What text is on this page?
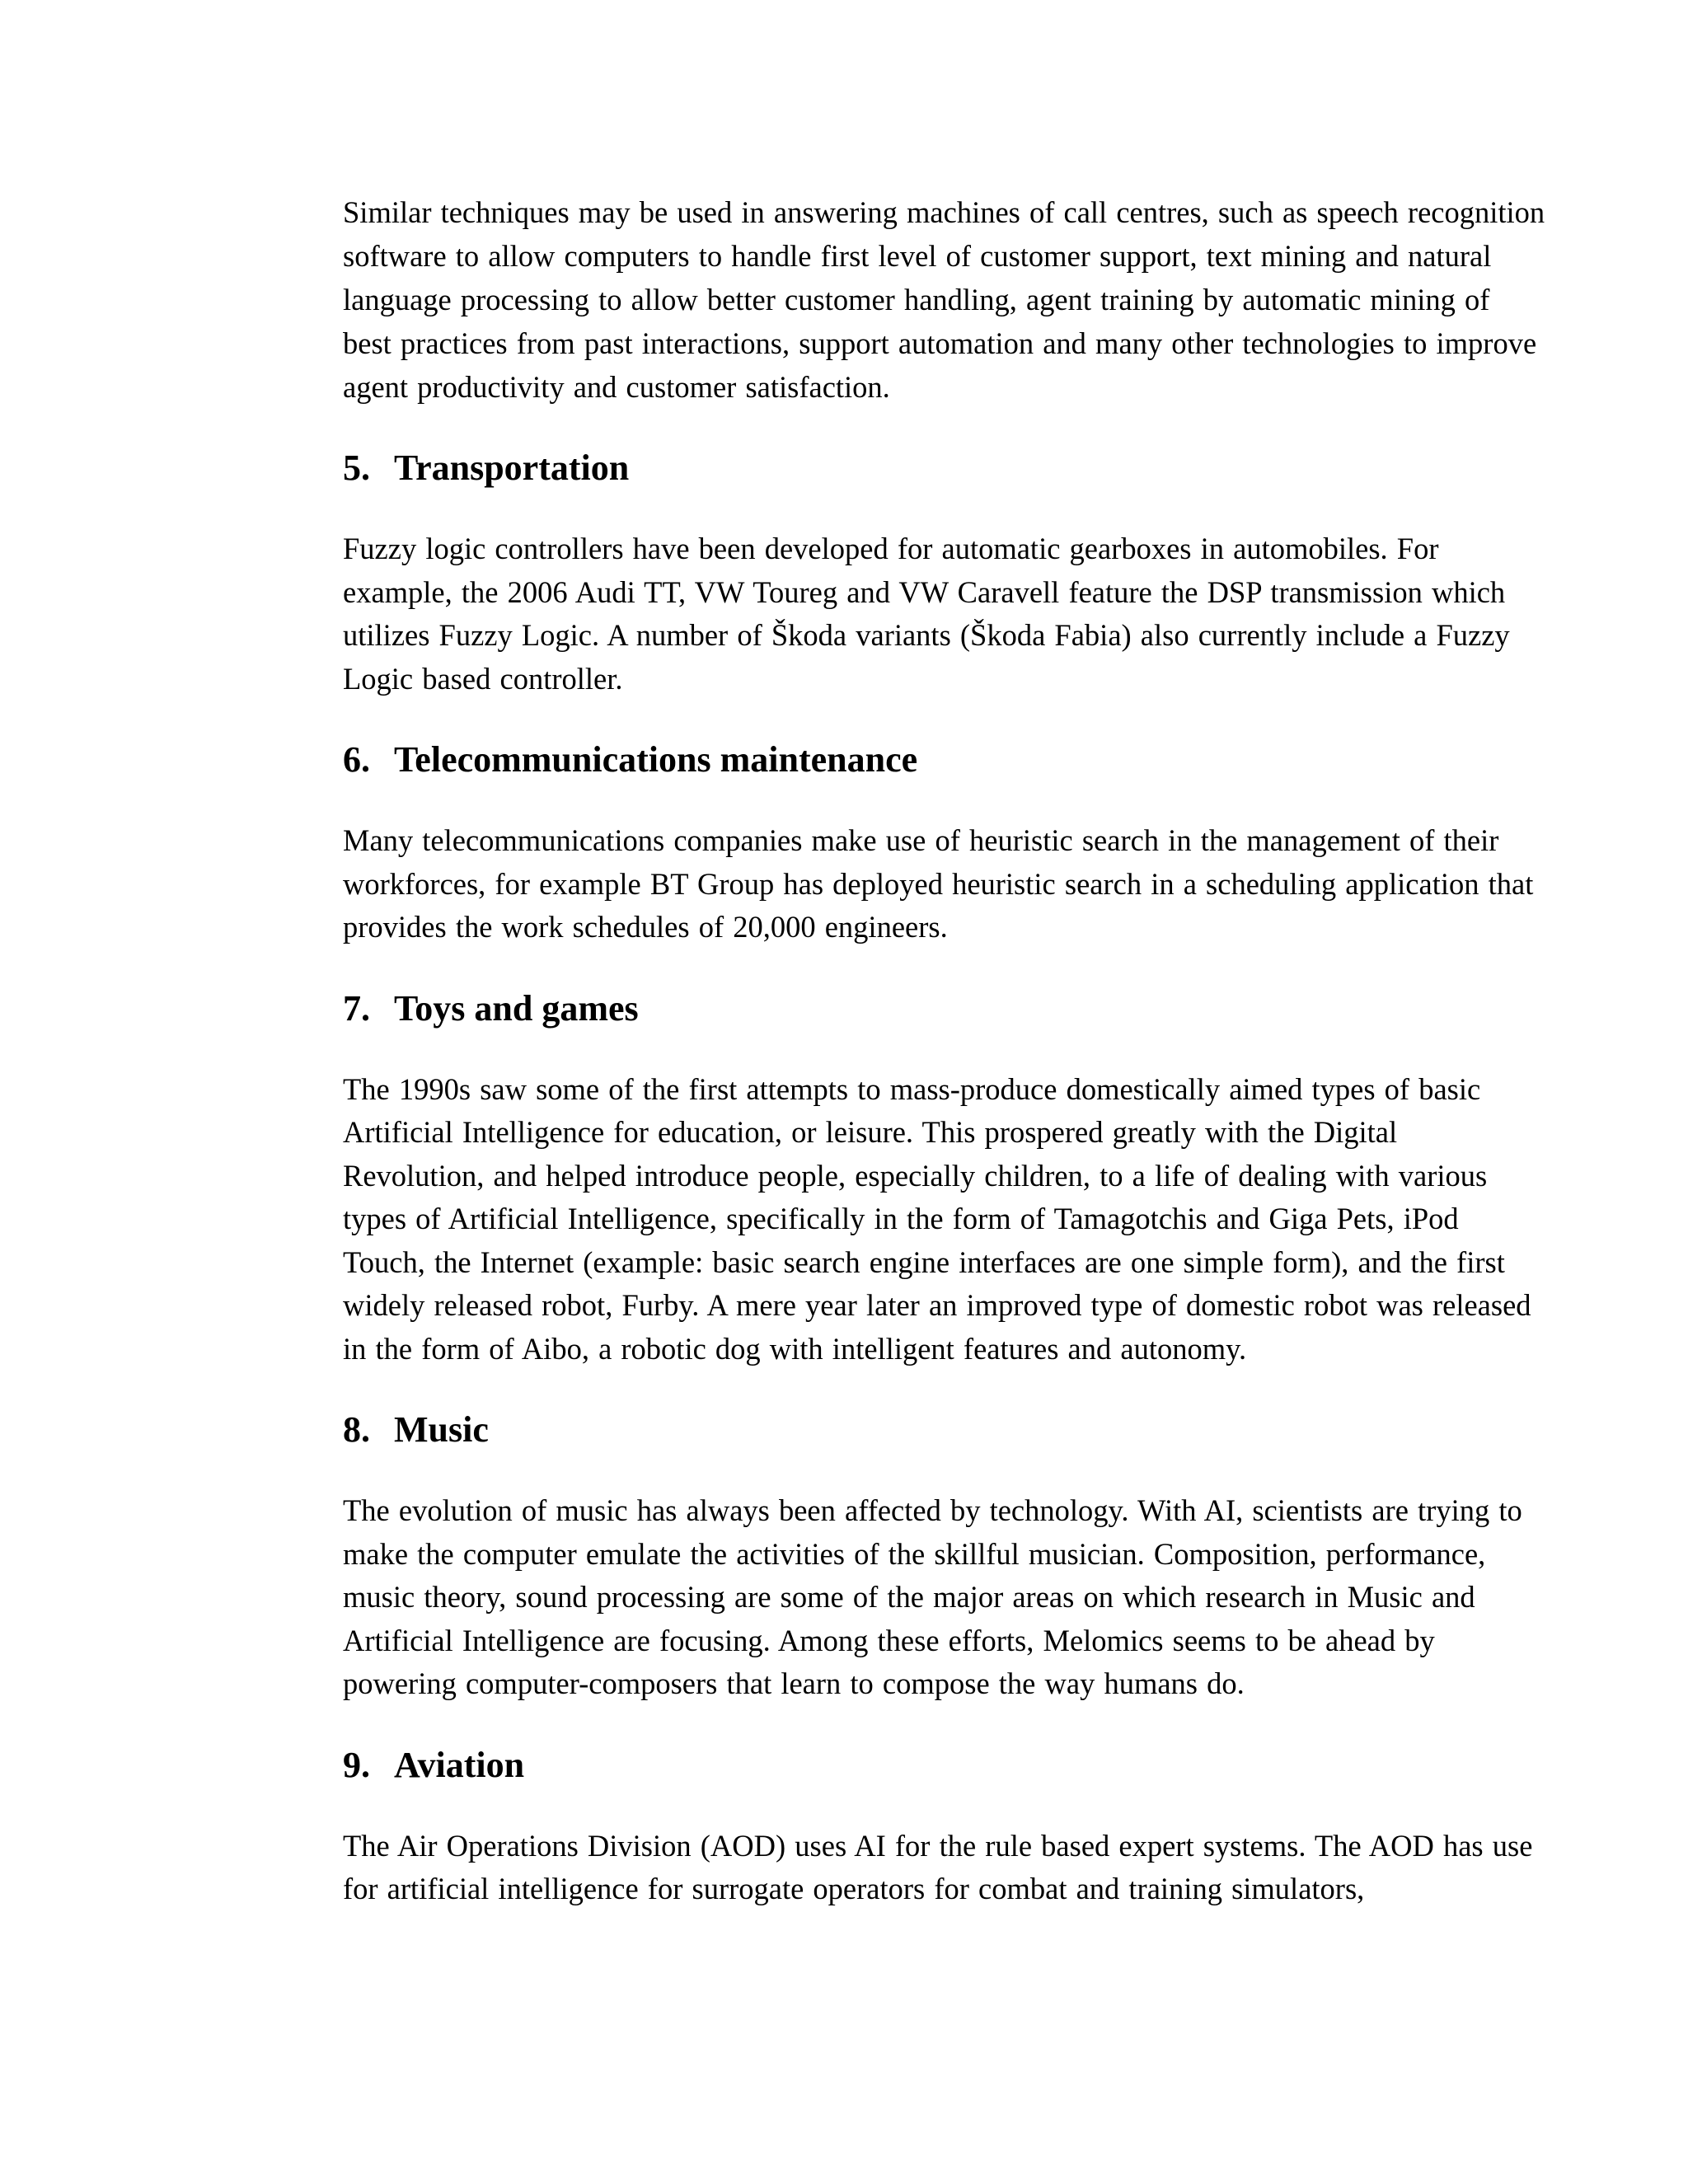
Similar techniques may be used in answering machines of call centres, such as speech recognition software to allow computers to handle first level of customer support, text mining and natural language processing to allow better customer handling, agent training by automatic mining of best practices from past interactions, support automation and many other technologies to improve agent productivity and customer satisfaction.

5. Transportation

Fuzzy logic controllers have been developed for automatic gearboxes in automobiles. For example, the 2006 Audi TT, VW Toureg and VW Caravell feature the DSP transmission which utilizes Fuzzy Logic. A number of Škoda variants (Škoda Fabia) also currently include a Fuzzy Logic based controller.

6. Telecommunications maintenance

Many telecommunications companies make use of heuristic search in the management of their workforces, for example BT Group has deployed heuristic search in a scheduling application that provides the work schedules of 20,000 engineers.

7. Toys and games

The 1990s saw some of the first attempts to mass-produce domestically aimed types of basic Artificial Intelligence for education, or leisure. This prospered greatly with the Digital Revolution, and helped introduce people, especially children, to a life of dealing with various types of Artificial Intelligence, specifically in the form of Tamagotchis and Giga Pets, iPod Touch, the Internet (example: basic search engine interfaces are one simple form), and the first widely released robot, Furby. A mere year later an improved type of domestic robot was released in the form of Aibo, a robotic dog with intelligent features and autonomy.

8. Music

The evolution of music has always been affected by technology. With AI, scientists are trying to make the computer emulate the activities of the skillful musician. Composition, performance, music theory, sound processing are some of the major areas on which research in Music and Artificial Intelligence are focusing. Among these efforts, Melomics seems to be ahead by powering computer-composers that learn to compose the way humans do.

9. Aviation

The Air Operations Division (AOD) uses AI for the rule based expert systems. The AOD has use for artificial intelligence for surrogate operators for combat and training simulators,
